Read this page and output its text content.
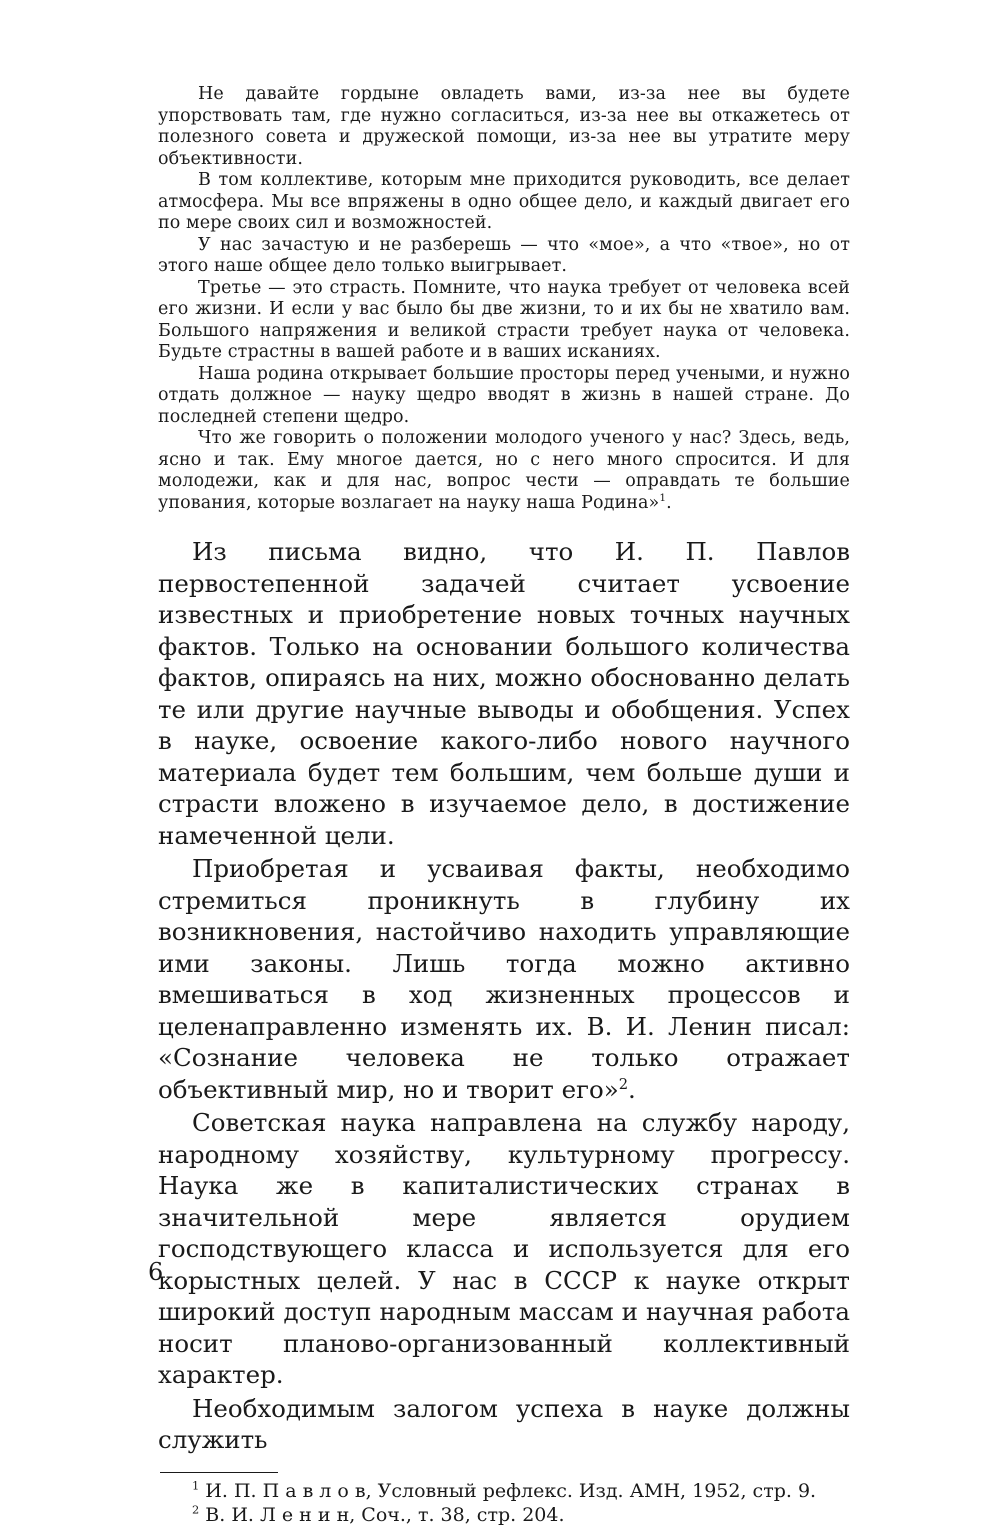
Не давайте гордыне овладеть вами, из-за нее вы будете упорствовать там, где нужно согласиться, из-за нее вы откажетесь от полезного совета и дружеской помощи, из-за нее вы утратите меру объективности.

В том коллективе, которым мне приходится руководить, все делает атмосфера. Мы все впряжены в одно общее дело, и каждый двигает его по мере своих сил и возможностей.

У нас зачастую и не разберешь — что «мое», а что «твое», но от этого наше общее дело только выигрывает.

Третье — это страсть. Помните, что наука требует от человека всей его жизни. И если у вас было бы две жизни, то и их бы не хватило вам. Большого напряжения и великой страсти требует наука от человека. Будьте страстны в вашей работе и в ваших исканиях.

Наша родина открывает большие просторы перед учеными, и нужно отдать должное — науку щедро вводят в жизнь в нашей стране. До последней степени щедро.

Что же говорить о положении молодого ученого у нас? Здесь, ведь, ясно и так. Ему многое дается, но с него много спросится. И для молодежи, как и для нас, вопрос чести — оправдать те большие упования, которые возлагает на науку наша Родина»$^1$.

Из письма видно, что И. П. Павлов первостепенной задачей считает усвоение известных и приобретение новых точных научных фактов. Только на основании большого количества фактов, опираясь на них, можно обоснованно делать те или другие научные выводы и обобщения. Успех в науке, освоение какого-либо нового научного материала будет тем большим, чем больше души и страсти вложено в изучаемое дело, в достижение намеченной цели.

Приобретая и усваивая факты, необходимо стремиться проникнуть в глубину их возникновения, настойчиво находить управляющие ими законы. Лишь тогда можно активно вмешиваться в ход жизненных процессов и целенаправленно изменять их. В. И. Ленин писал: «Сознание человека не только отражает объективный мир, но и творит его»$^2$.

Советская наука направлена на службу народу, народному хозяйству, культурному прогрессу. Наука же в капиталистических странах в значительной мере является орудием господствующего класса и используется для его корыстных целей. У нас в СССР к науке открыт широкий доступ народным массам и научная работа носит планово-организованный коллективный характер.

Необходимым залогом успеха в науке должны служить

$^1$ И. П. П а в л о в, Условный рефлекс. Изд. АМН, 1952, стр. 9.

$^2$ В. И. Л е н и н, Соч., т. 38, стр. 204.

6
